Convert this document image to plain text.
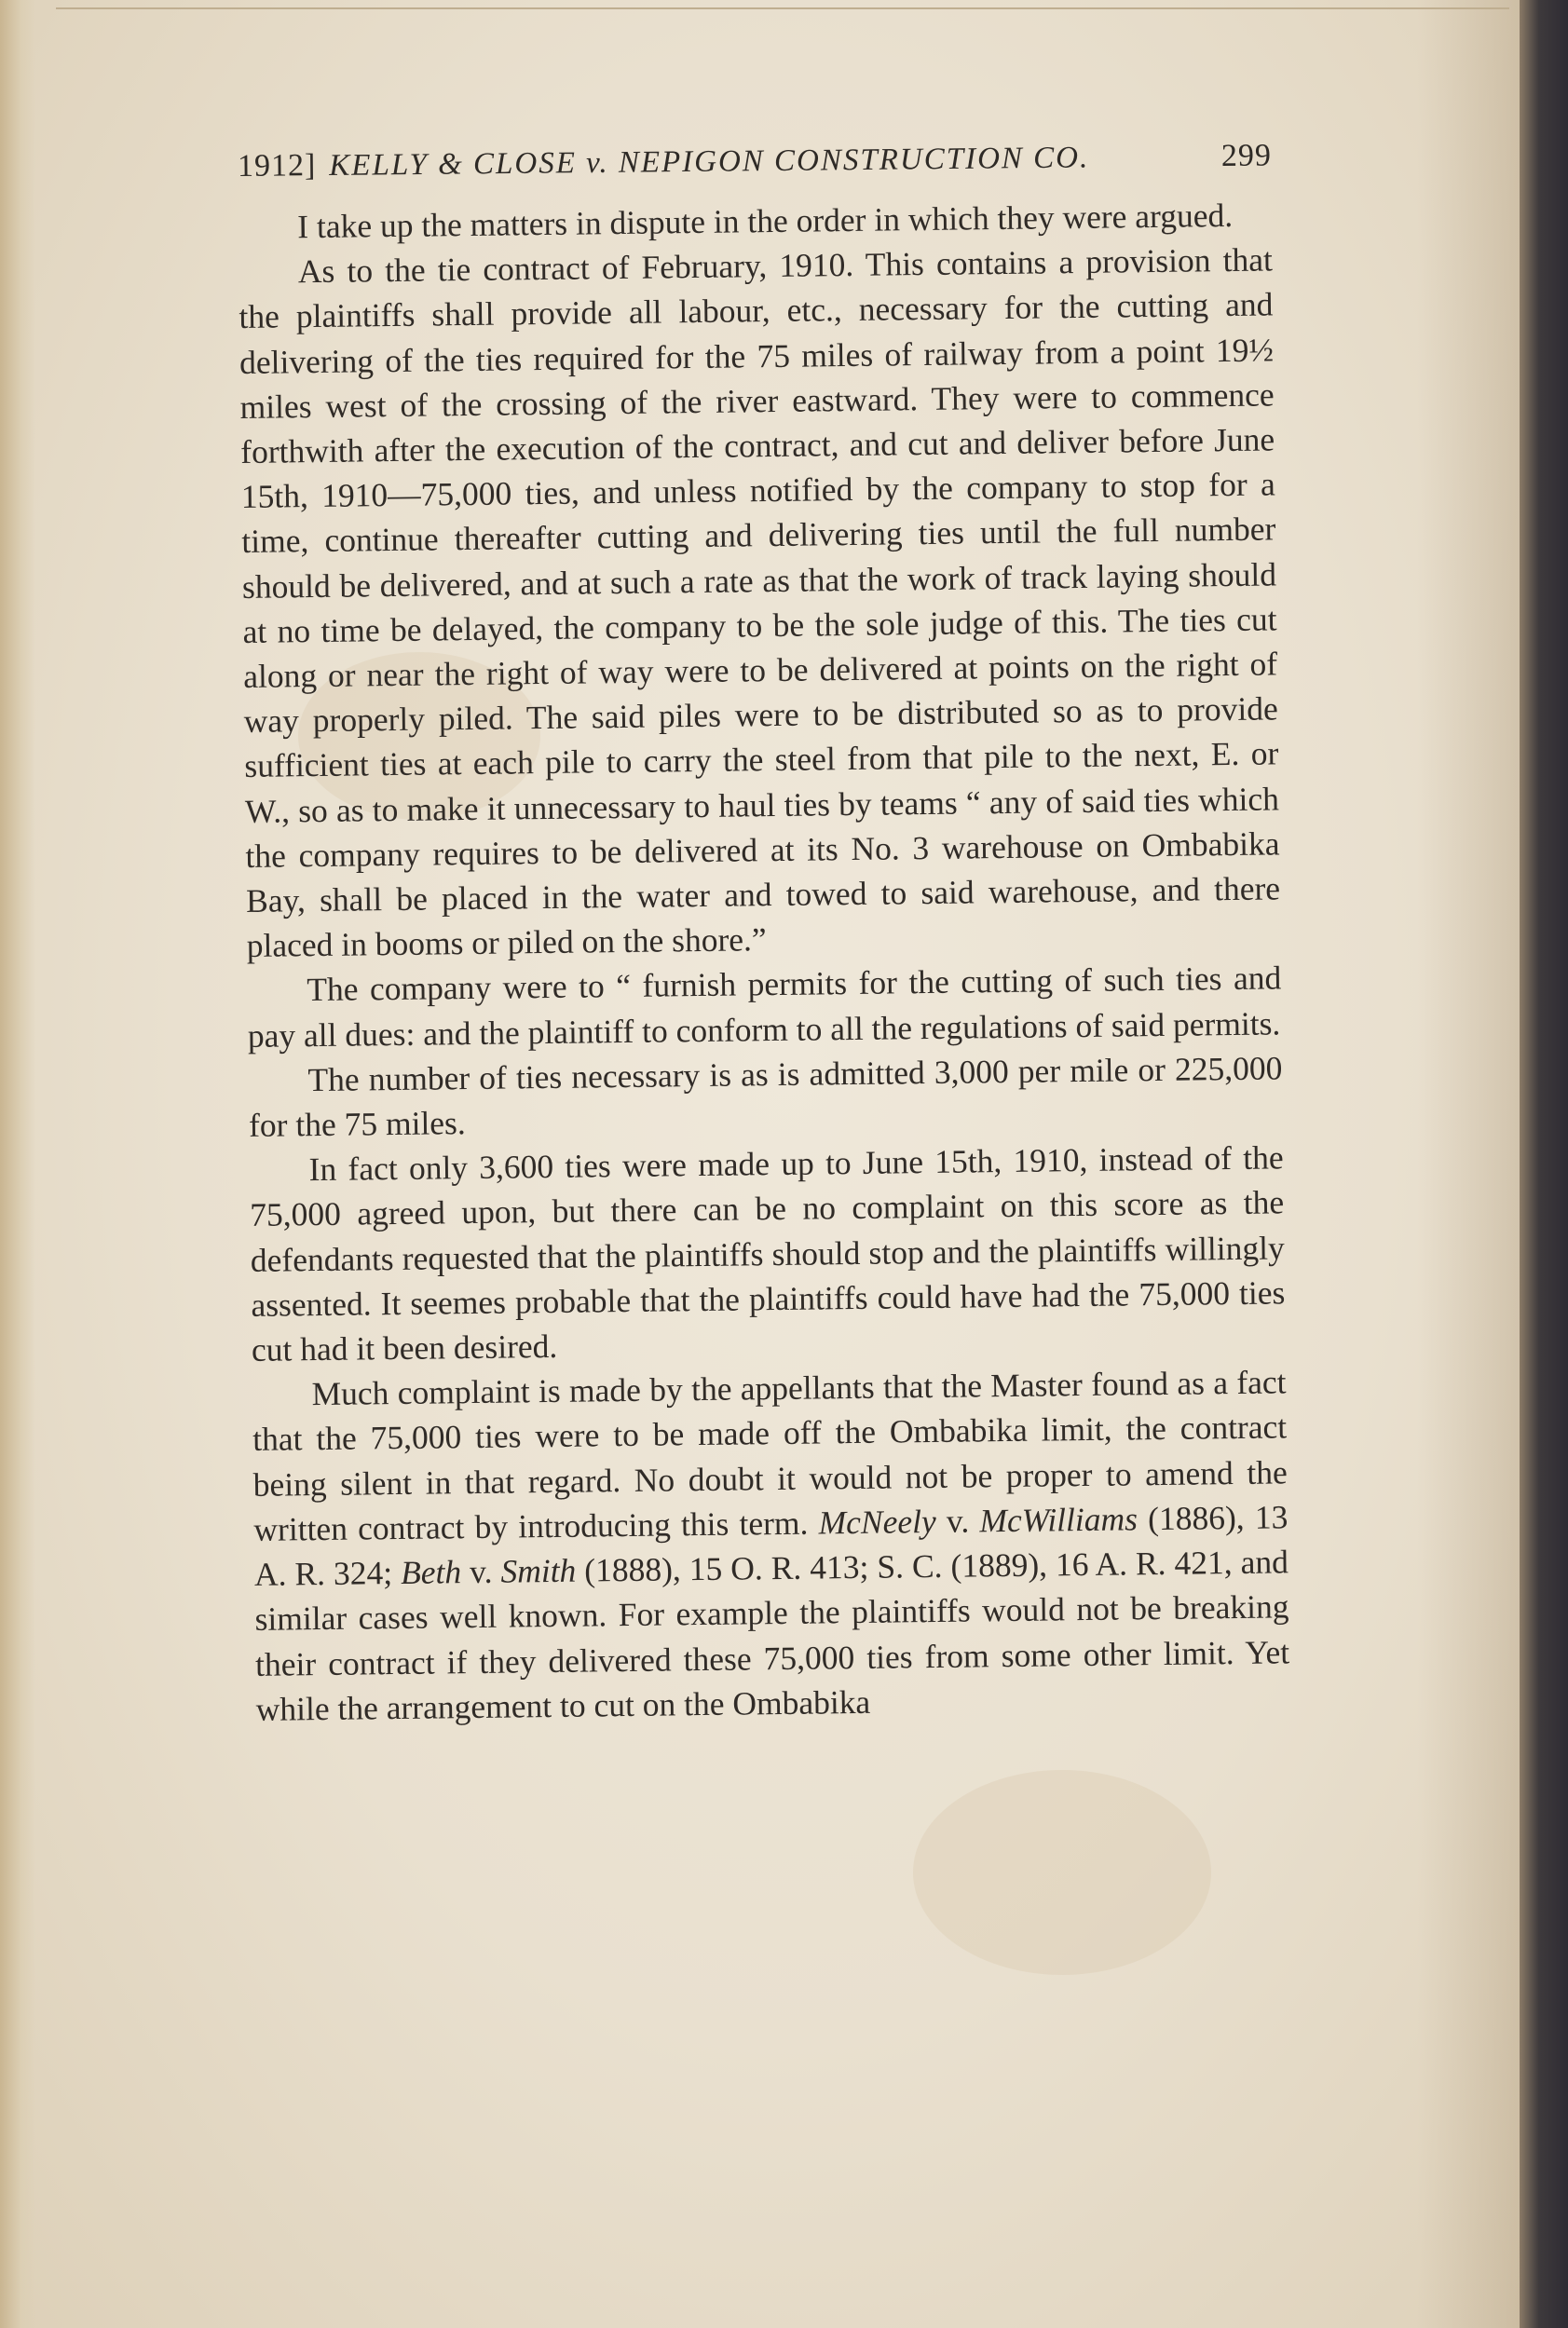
1912] KELLY & CLOSE v. NEPIGON CONSTRUCTION CO.	299

I take up the matters in dispute in the order in which they were argued.

As to the tie contract of February, 1910. This contains a provision that the plaintiffs shall provide all labour, etc., necessary for the cutting and delivering of the ties required for the 75 miles of railway from a point 19½ miles west of the crossing of the river eastward. They were to commence forthwith after the execution of the contract, and cut and deliver before June 15th, 1910—75,000 ties, and unless notified by the company to stop for a time, continue thereafter cutting and delivering ties until the full number should be delivered, and at such a rate as that the work of track laying should at no time be delayed, the company to be the sole judge of this. The ties cut along or near the right of way were to be delivered at points on the right of way properly piled. The said piles were to be distributed so as to provide sufficient ties at each pile to carry the steel from that pile to the next, E. or W., so as to make it unnecessary to haul ties by teams “ any of said ties which the company requires to be delivered at its No. 3 warehouse on Ombabika Bay, shall be placed in the water and towed to said warehouse, and there placed in booms or piled on the shore.”

The company were to “ furnish permits for the cutting of such ties and pay all dues: and the plaintiff to conform to all the regulations of said permits.

The number of ties necessary is as is admitted 3,000 per mile or 225,000 for the 75 miles.

In fact only 3,600 ties were made up to June 15th, 1910, instead of the 75,000 agreed upon, but there can be no complaint on this score as the defendants requested that the plaintiffs should stop and the plaintiffs willingly assented. It seemes probable that the plaintiffs could have had the 75,000 ties cut had it been desired.

Much complaint is made by the appellants that the Master found as a fact that the 75,000 ties were to be made off the Ombabika limit, the contract being silent in that regard. No doubt it would not be proper to amend the written contract by introducing this term. McNeely v. McWilliams (1886), 13 A. R. 324; Beth v. Smith (1888), 15 O. R. 413; S. C. (1889), 16 A. R. 421, and similar cases well known. For example the plaintiffs would not be breaking their contract if they delivered these 75,000 ties from some other limit. Yet while the arrangement to cut on the Ombabika
